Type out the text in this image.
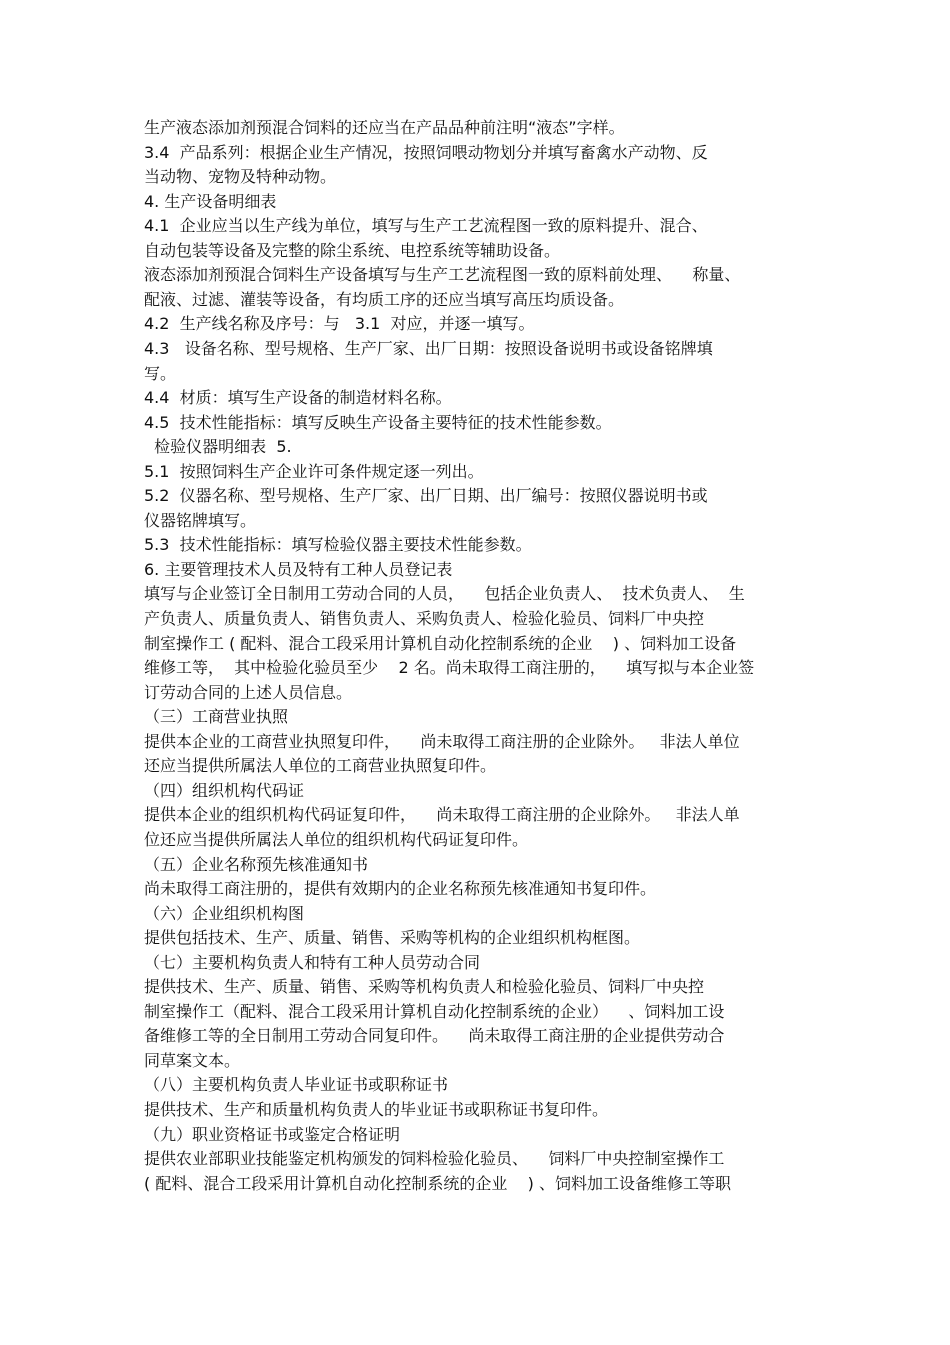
生产液态添加剂预混合饲料的还应当在产品品种前注明“液态”字样。
3.4  产品系列：根据企业生产情况，按照饲喂动物划分并填写畜禽水产动物、反
当动物、宠物及特种动物。
4. 生产设备明细表
4.1  企业应当以生产线为单位，填写与生产工艺流程图一致的原料提升、混合、
自动包装等设备及完整的除尘系统、电控系统等辅助设备。
液态添加剂预混合饲料生产设备填写与生产工艺流程图一致的原料前处理、    称量、
配液、过滤、灌装等设备，有均质工序的还应当填写高压均质设备。
4.2  生产线名称及序号：与   3.1  对应，并逐一填写。
4.3   设备名称、型号规格、生产厂家、出厂日期：按照设备说明书或设备铭牌填
写。
4.4  材质：填写生产设备的制造材料名称。
4.5  技术性能指标：填写反映生产设备主要特征的技术性能参数。
检验仪器明细表  5.
5.1  按照饲料生产企业许可条件规定逐一列出。
5.2  仪器名称、型号规格、生产厂家、出厂日期、出厂编号：按照仪器说明书或
仪器铭牌填写。
5.3  技术性能指标：填写检验仪器主要技术性能参数。
6. 主要管理技术人员及特有工种人员登记表
填写与企业签订全日制用工劳动合同的人员，    包括企业负责人、  技术负责人、  生
产负责人、质量负责人、销售负责人、采购负责人、检验化验员、饲料厂中央控
制室操作工 ( 配料、混合工段采用计算机自动化控制系统的企业    ) 、饲料加工设备
维修工等，  其中检验化验员至少    2 名。尚未取得工商注册的，    填写拟与本企业签
订劳动合同的上述人员信息。
（三）工商营业执照
提供本企业的工商营业执照复印件，    尚未取得工商注册的企业除外。   非法人单位
还应当提供所属法人单位的工商营业执照复印件。
（四）组织机构代码证
提供本企业的组织机构代码证复印件，    尚未取得工商注册的企业除外。   非法人单
位还应当提供所属法人单位的组织机构代码证复印件。
（五）企业名称预先核准通知书
尚未取得工商注册的，提供有效期内的企业名称预先核准通知书复印件。
（六）企业组织机构图
提供包括技术、生产、质量、销售、采购等机构的企业组织机构框图。
（七）主要机构负责人和特有工种人员劳动合同
提供技术、生产、质量、销售、采购等机构负责人和检验化验员、饲料厂中央控
制室操作工（配料、混合工段采用计算机自动化控制系统的企业）    、饲料加工设
备维修工等的全日制用工劳动合同复印件。    尚未取得工商注册的企业提供劳动合
同草案文本。
（八）主要机构负责人毕业证书或职称证书
提供技术、生产和质量机构负责人的毕业证书或职称证书复印件。
（九）职业资格证书或鉴定合格证明
提供农业部职业技能鉴定机构颁发的饲料检验化验员、    饲料厂中央控制室操作工
( 配料、混合工段采用计算机自动化控制系统的企业    ) 、饲料加工设备维修工等职
